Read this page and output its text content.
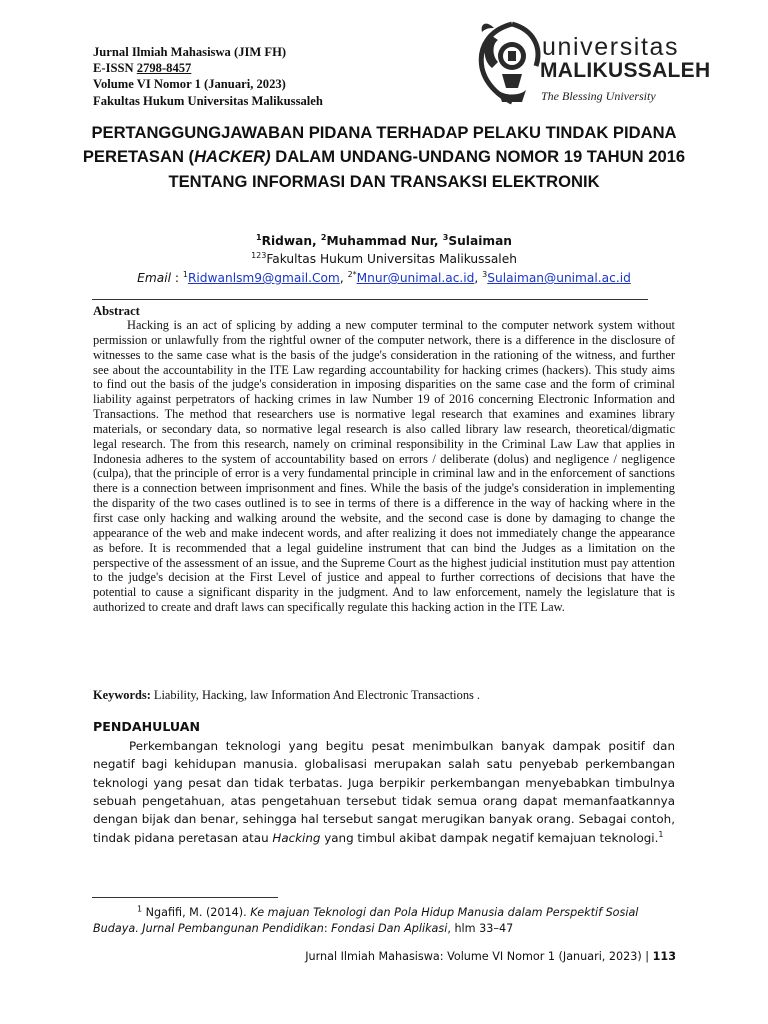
Jurnal Ilmiah Mahasiswa (JIM FH)
E-ISSN 2798-8457
Volume VI Nomor 1 (Januari, 2023)
Fakultas Hukum Universitas Malikussaleh
universitas
MALIKUSSALEH
The Blessing University
PERTANGGUNGJAWABAN PIDANA TERHADAP PELAKU TINDAK PIDANA PERETASAN (HACKER) DALAM UNDANG-UNDANG NOMOR 19 TAHUN 2016 TENTANG INFORMASI DAN TRANSAKSI ELEKTRONIK
$^1$Ridwan, $^2$Muhammad Nur, $^3$Sulaiman
$^{123}$Fakultas Hukum Universitas Malikussaleh
Email : $^1$Ridwanlsm9@gmail.Com, $^{2*}$Mnur@unimal.ac.id, $^3$Sulaiman@unimal.ac.id
Abstract

Hacking is an act of splicing by adding a new computer terminal to the computer network system without permission or unlawfully from the rightful owner of the computer network, there is a difference in the disclosure of witnesses to the same case what is the basis of the judge's consideration in the rationing of the witness, and further see about the accountability in the ITE Law regarding accountability for hacking crimes (hackers). This study aims to find out the basis of the judge's consideration in imposing disparities on the same case and the form of criminal liability against perpetrators of hacking crimes in law Number 19 of 2016 concerning Electronic Information and Transactions. The method that researchers use is normative legal research that examines and examines library materials, or secondary data, so normative legal research is also called library law research, theoretical/digmatic legal research. The from this research, namely on criminal responsibility in the Criminal Law Law that applies in Indonesia adheres to the system of accountability based on errors / deliberate (dolus) and negligence / negligence (culpa), that the principle of error is a very fundamental principle in criminal law and in the enforcement of sanctions there is a connection between imprisonment and fines. While the basis of the judge's consideration in implementing the disparity of the two cases outlined is to see in terms of there is a difference in the way of hacking where in the first case only hacking and walking around the website, and the second case is done by damaging to change the appearance of the web and make indecent words, and after realizing it does not immediately change the appearance as before. It is recommended that a legal guideline instrument that can bind the Judges as a limitation on the perspective of the assessment of an issue, and the Supreme Court as the highest judicial institution must pay attention to the judge's decision at the First Level of justice and appeal to further corrections of decisions that have the potential to cause a significant disparity in the judgment. And to law enforcement, namely the legislature that is authorized to create and draft laws can specifically regulate this hacking action in the ITE Law.

Keywords: Liability, Hacking, law Information And Electronic Transactions .
PENDAHULUAN

Perkembangan teknologi yang begitu pesat menimbulkan banyak dampak positif dan negatif bagi kehidupan manusia. globalisasi merupakan salah satu penyebab perkembangan teknologi yang pesat dan tidak terbatas. Juga berpikir perkembangan menyebabkan timbulnya sebuah pengetahuan, atas pengetahuan tersebut tidak semua orang dapat memanfaatkannya dengan bijak dan benar, sehingga hal tersebut sangat merugikan banyak orang. Sebagai contoh, tindak pidana peretasan atau Hacking yang timbul akibat dampak negatif kemajuan teknologi.$^1$

$^1$ Ngafifi, M. (2014). Ke majuan Teknologi dan Pola Hidup Manusia dalam Perspektif Sosial Budaya. Jurnal Pembangunan Pendidikan: Fondasi Dan Aplikasi, hlm 33–47

Jurnal Ilmiah Mahasiswa: Volume VI Nomor 1 (Januari, 2023) | 113
